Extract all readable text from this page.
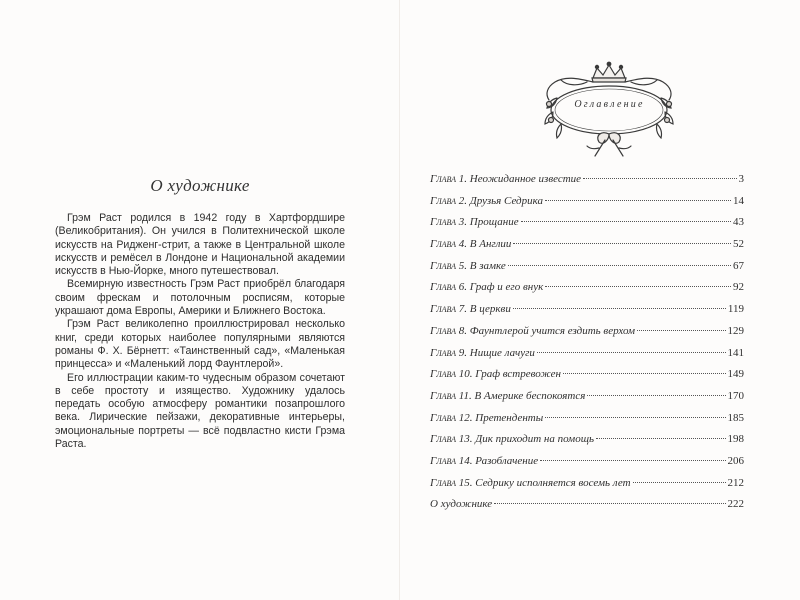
О художнике

Грэм Раст родился в 1942 году в Хартфордшире (Великобритания). Он учился в Политехнической школе искусств на Ридженг-стрит, а также в Центральной школе искусств и ремёсел в Лондоне и Национальной академии искусств в Нью-Йорке, много путешествовал.

Всемирную известность Грэм Раст приобрёл благодаря своим фрескам и потолочным росписям, которые украшают дома Европы, Америки и Ближнего Востока.

Грэм Раст великолепно проиллюстрировал несколько книг, среди которых наиболее популярными являются романы Ф. Х. Бёрнетт: «Таинственный сад», «Маленькая принцесса» и «Маленький лорд Фаунтлерой».

Его иллюстрации каким-то чудесным образом сочетают в себе простоту и изящество. Художнику удалось передать особую атмосферу романтики позапрошлого века. Лирические пейзажи, декоративные интерьеры, эмоциональные портреты — всё подвластно кисти Грэма Раста.

Оглавление
Глава 1. Неожиданное известие	3
Глава 2. Друзья Седрика	14
Глава 3. Прощание	43
Глава 4. В Англии	52
Глава 5. В замке	67
Глава 6. Граф и его внук	92
Глава 7. В церкви	119
Глава 8. Фаунтлерой учится ездить верхом	129
Глава 9. Нищие лачуги	141
Глава 10. Граф встревожен	149
Глава 11. В Америке беспокоятся	170
Глава 12. Претенденты	185
Глава 13. Дик приходит на помощь	198
Глава 14. Разоблачение	206
Глава 15. Седрику исполняется восемь лет	212
О художнике	222
